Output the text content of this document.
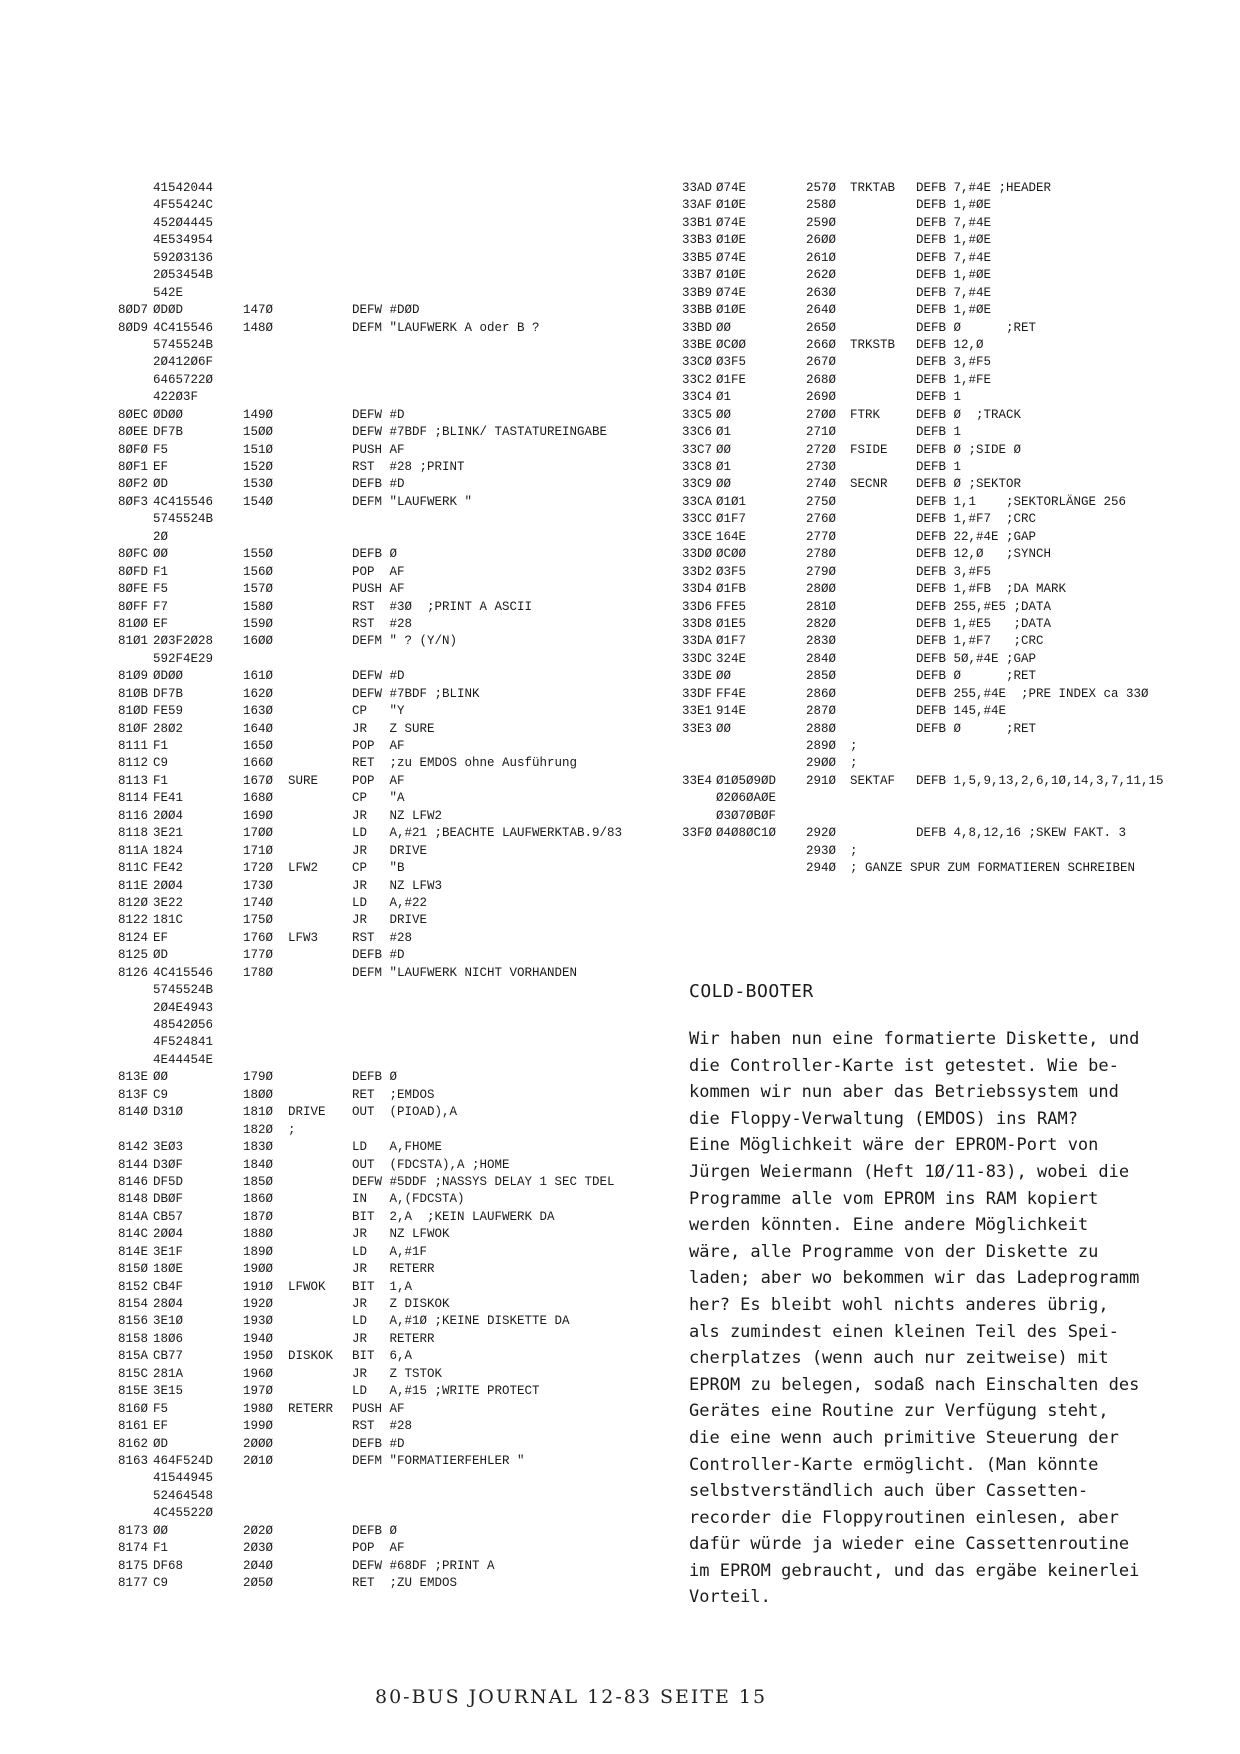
41542044
4F55424C
452Ø4445
4E534954
592Ø3136
2Ø53454B
542E
8ØD7 ØDØD	147Ø	DEFW #DØD
8ØD9 4C415546 148Ø	DEFM "LAUFWERK A oder B ?
5745524B
2Ø412Ø6F
6465722Ø
422Ø3F
8ØEC ØDØØ	149Ø	DEFW #D
8ØEE DF7B	15ØØ	DEFW #7BDF ;BLINK/ TASTATUREINGABE
8ØFØ F5	151Ø	PUSH AF
8ØF1 EF	152Ø	RST  #28 ;PRINT
8ØF2 ØD	153Ø	DEFB #D
8ØF3 4C415546 154Ø	DEFM "LAUFWERK "
5745524B
2Ø
8ØFC ØØ	155Ø	DEFB Ø
8ØFD F1	156Ø	POP  AF
8ØFE F5	157Ø	PUSH AF
8ØFF F7	158Ø	RST  #3Ø  ;PRINT A ASCII
81ØØ EF	159Ø	RST  #28
81Ø1 2Ø3F2Ø28 16ØØ	DEFM " ? (Y/N)
592F4E29
81Ø9 ØDØØ	161Ø	DEFW #D
81ØB DF7B	162Ø	DEFW #7BDF ;BLINK
81ØD FE59	163Ø	CP   "Y
81ØF 28Ø2	164Ø	JR   Z SURE
8111 F1	165Ø	POP  AF
8112 C9	166Ø	RET  ;zu EMDOS ohne Ausführung
8113 F1	167Ø SURE	POP  AF
8114 FE41	168Ø	CP   "A
8116 2ØØ4	169Ø	JR   NZ LFW2
8118 3E21	17ØØ	LD   A,#21 ;BEACHTE LAUFWERKTAB.9/83
811A 1824	171Ø	JR   DRIVE
811C FE42	172Ø LFW2	CP   "B
811E 2ØØ4	173Ø	JR   NZ LFW3
812Ø 3E22	174Ø	LD   A,#22
8122 181C	175Ø	JR   DRIVE
8124 EF	176Ø LFW3	RST  #28
8125 ØD	177Ø	DEFB #D
8126 4C415546 178Ø	DEFM "LAUFWERK NICHT VORHANDEN
5745524B
2Ø4E4943
48542Ø56
4F524841
4E44454E
813E ØØ	179Ø	DEFB Ø
813F C9	18ØØ	RET  ;EMDOS
814Ø D31Ø	181Ø DRIVE OUT  (PIOAD),A
182Ø ;
8142 3EØ3	183Ø	LD   A,FHOME
8144 D3ØF	184Ø	OUT  (FDCSTA),A ;HOME
8146 DF5D	185Ø	DEFW #5DDF ;NASSYS DELAY 1 SEC TDEL
8148 DBØF	186Ø	IN   A,(FDCSTA)
814A CB57	187Ø	BIT  2,A  ;KEIN LAUFWERK DA
814C 2ØØ4	188Ø	JR   NZ LFWOK
814E 3E1F	189Ø	LD   A,#1F
815Ø 18ØE	19ØØ	JR   RETERR
8152 CB4F	191Ø LFWOK BIT  1,A
8154 28Ø4	192Ø	JR   Z DISKOK
8156 3E1Ø	193Ø	LD   A,#1Ø ;KEINE DISKETTE DA
8158 18Ø6	194Ø	JR   RETERR
815A CB77	195Ø DISKOK BIT  6,A
815C 281A	196Ø	JR   Z TSTOK
815E 3E15	197Ø	LD   A,#15 ;WRITE PROTECT
816Ø F5	198Ø RETERR PUSH AF
8161 EF	199Ø	RST  #28
8162 ØD	2ØØØ	DEFB #D
8163 464F524D 2Ø1Ø	DEFM "FORMATIERFEHLER "
41544945
52464548
4C45522Ø
8173 ØØ	2Ø2Ø	DEFB Ø
8174 F1	2Ø3Ø	POP  AF
8175 DF68	2Ø4Ø	DEFW #68DF ;PRINT A
8177 C9	2Ø5Ø	RET  ;ZU EMDOS
33AD Ø74E	257Ø TRKTAB DEFB 7,#4E ;HEADER
33AF Ø1ØE	258Ø	DEFB 1,#ØE
33B1 Ø74E	259Ø	DEFB 7,#4E
33B3 Ø1ØE	26ØØ	DEFB 1,#ØE
33B5 Ø74E	261Ø	DEFB 7,#4E
33B7 Ø1ØE	262Ø	DEFB 1,#ØE
33B9 Ø74E	263Ø	DEFB 7,#4E
33BB Ø1ØE	264Ø	DEFB 1,#ØE
33BD ØØ	265Ø	DEFB Ø      ;RET
33BE ØCØØ	266Ø TRKSTB DEFB 12,Ø
33CØ Ø3F5	267Ø	DEFB 3,#F5
33C2 Ø1FE	268Ø	DEFB 1,#FE
33C4 Ø1	269Ø	DEFB 1
33C5 ØØ	27ØØ FTRK	DEFB Ø  ;TRACK
33C6 Ø1	271Ø	DEFB 1
33C7 ØØ	272Ø FSIDE DEFB Ø ;SIDE Ø
33C8 Ø1	273Ø	DEFB 1
33C9 ØØ	274Ø SECNR DEFB Ø ;SEKTOR
33CA Ø1Ø1	275Ø	DEFB 1,1    ;SEKTORLÄNGE 256
33CC Ø1F7	276Ø	DEFB 1,#F7  ;CRC
33CE 164E	277Ø	DEFB 22,#4E ;GAP
33DØ ØCØØ	278Ø	DEFB 12,Ø   ;SYNCH
33D2 Ø3F5	279Ø	DEFB 3,#F5
33D4 Ø1FB	28ØØ	DEFB 1,#FB  ;DA MARK
33D6 FFE5	281Ø	DEFB 255,#E5 ;DATA
33D8 Ø1E5	282Ø	DEFB 1,#E5   ;DATA
33DA Ø1F7	283Ø	DEFB 1,#F7   ;CRC
33DC 324E	284Ø	DEFB 5Ø,#4E ;GAP
33DE ØØ	285Ø	DEFB Ø      ;RET
33DF FF4E	286Ø	DEFB 255,#4E  ;PRE INDEX ca 33Ø
33E1 914E	287Ø	DEFB 145,#4E
33E3 ØØ	288Ø	DEFB Ø      ;RET
289Ø ;
29ØØ ;
33E4 Ø1Ø5Ø9ØD 291Ø SEKTAF DEFB 1,5,9,13,2,6,1Ø,14,3,7,11,15
Ø2Ø6ØAØE
Ø3Ø7ØBØF
33FØ Ø4Ø8ØC1Ø 292Ø	DEFB 4,8,12,16 ;SKEW FAKT. 3
293Ø ;
294Ø ; GANZE SPUR ZUM FORMATIEREN SCHREIBEN
COLD-BOOTER
Wir haben nun eine formatierte Diskette, und
die Controller-Karte ist getestet. Wie be-
kommen wir nun aber das Betriebssystem und
die Floppy-Verwaltung (EMDOS) ins RAM?
Eine Möglichkeit wäre der EPROM-Port von
Jürgen Weiermann (Heft 1Ø/11-83), wobei die
Programme alle vom EPROM ins RAM kopiert
werden könnten. Eine andere Möglichkeit
wäre, alle Programme von der Diskette zu
laden; aber wo bekommen wir das Ladeprogramm
her? Es bleibt wohl nichts anderes übrig,
als zumindest einen kleinen Teil des Spei-
cherplatzes (wenn auch nur zeitweise) mit
EPROM zu belegen, sodaß nach Einschalten des
Gerätes eine Routine zur Verfügung steht,
die eine wenn auch primitive Steuerung der
Controller-Karte ermöglicht. (Man könnte
selbstverständlich auch über Cassetten-
recorder die Floppyroutinen einlesen, aber
dafür würde ja wieder eine Cassettenroutine
im EPROM gebraucht, und das ergäbe keinerlei
Vorteil.
80-BUS JOURNAL 12-83 SEITE 15
